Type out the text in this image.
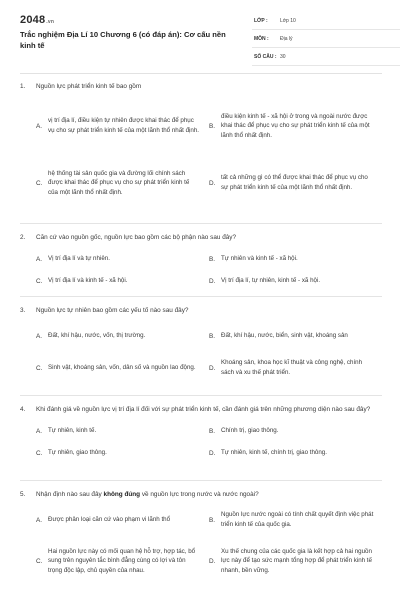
2048.vn
Trắc nghiệm Địa Lí 10 Chương 6 (có đáp án): Cơ cấu nền kinh tế
LỚP : Lớp 10
MÔN : Địa lý
SỐ CÂU : 30
1. Nguồn lực phát triển kinh tế bao gồm
A.
vị trí địa lí, điều kiện tự nhiên được khai thác để phục vụ cho sự phát triển kinh tế của một lãnh thổ nhất định.
B.
điều kiện kinh tế - xã hội ở trong và ngoài nước được khai thác để phục vụ cho sự phát triển kinh tế của một lãnh thổ nhất định.
C.
hệ thống tài sản quốc gia và đường lối chính sách được khai thác để phục vụ cho sự phát triển kinh tế của một lãnh thổ nhất định.
D.
tất cả những gì có thể được khai thác để phục vụ cho sự phát triển kinh tế của một lãnh thổ nhất định.
2. Căn cứ vào nguồn gốc, nguồn lực bao gồm các bộ phận nào sau đây?
A. Vị trí địa lí và tự nhiên.	B. Tự nhiên và kinh tế - xã hội.
C. Vị trí địa lí và kinh tế - xã hội.	D. Vị trí địa lí, tự nhiên, kinh tế - xã hội.
3. Nguồn lực tự nhiên bao gồm các yếu tố nào sau đây?
A. Đất, khí hậu, nước, vốn, thị trường.	B. Đất, khí hậu, nước, biển, sinh vật, khoáng sản
C. Sinh vật, khoáng sản, vốn, dân số và nguồn lao động.	D.
Khoáng sản, khoa học kĩ thuật và công nghệ, chính sách và xu thế phát triển.
4. Khi đánh giá về nguồn lực vị trí địa lí đối với sự phát triển kinh tế, cần đánh giá trên những phương diện nào sau đây?
A. Tự nhiên, kinh tế.	B. Chính trị, giao thông.
C. Tự nhiên, giao thông.	D. Tự nhiên, kinh tế, chính trị, giao thông.
5. Nhận định nào sau đây không đúng về nguồn lực trong nước và nước ngoài?
A. Được phân loại căn cứ vào phạm vi lãnh thổ	B.
Nguồn lực nước ngoài có tính chất quyết định việc phát triển kinh tế của quốc gia.
C.
Hai nguồn lực này có mối quan hệ hỗ trợ, hợp tác, bổ sung trên nguyên tắc bình đẳng cùng có lợi và tôn trọng độc lập, chủ quyền của nhau.
D.
Xu thế chung của các quốc gia là kết hợp cả hai nguồn lực này để tạo sức mạnh tổng hợp để phát triển kinh tế nhanh, bền vững.
